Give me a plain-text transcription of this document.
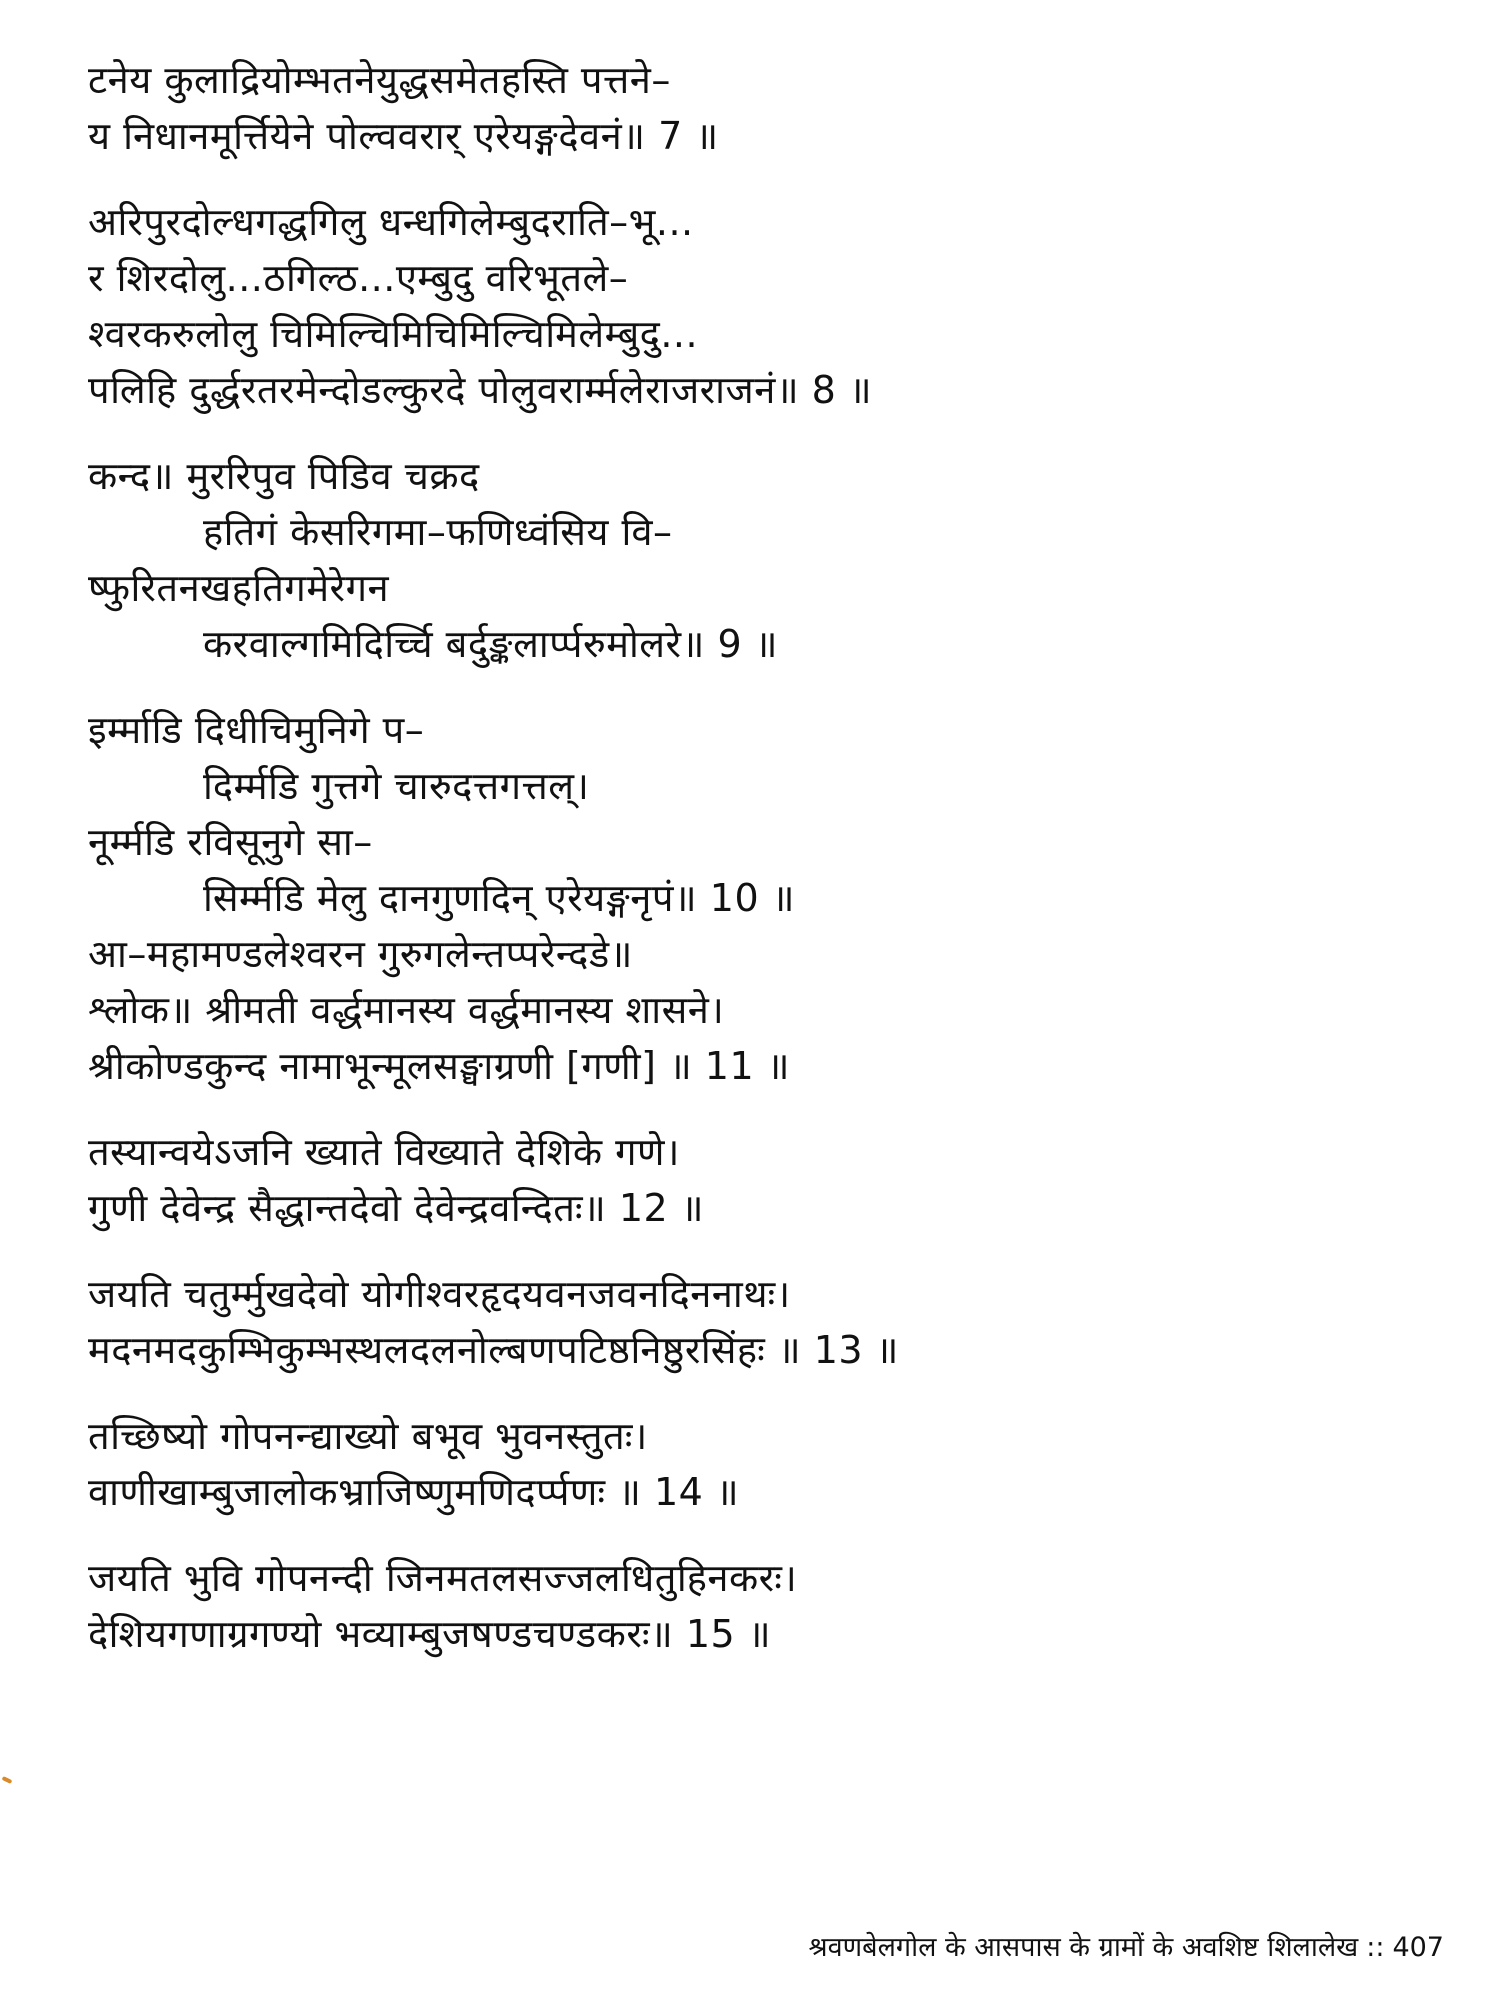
टनेय कुलाद्रियोम्भतनेयुद्धसमेतहस्ति पत्तने–
य निधानमूर्त्तियेने पोल्ववरार् एरेयङ्गदेवनं॥ 7 ॥
अरिपुरदोल्धगद्धगिलु धन्धगिलेम्बुदराति–भू...
र शिरदोलु...ठगिल्ठ...एम्बुदु वरिभूतले–
श्वरकरुलोलु चिमिल्चिमिचिमिल्चिमिलेम्बुदु...
पलिहि दुर्द्धरतरमेन्दोडल्कुरदे पोलुवरार्म्मलेराजराजनं॥ 8 ॥
कन्द॥ मुररिपुव पिडिव चक्रद
हतिगं केसरिगमा–फणिध्वंसिय वि–
ष्फुरितनखहतिगमेरेगन
करवाल्गमिदिर्च्चि बर्दुङ्कलार्प्परुमोलरे॥ 9 ॥
इर्म्माडि दिधीचिमुनिगे प–
दिर्म्मडि गुत्तगे चारुदत्तगत्तल्।
नूर्म्मडि रविसूनुगे सा–
सिर्म्मडि मेलु दानगुणदिन् एरेयङ्गनृपं॥ 10 ॥
आ–महामण्डलेश्वरन गुरुगलेन्तप्परेन्दडे॥
श्लोक॥ श्रीमती वर्द्धमानस्य वर्द्धमानस्य शासने।
श्रीकोण्डकुन्द नामाभून्मूलसङ्घाग्रणी [गणी] ॥ 11 ॥
तस्यान्वयेऽजनि ख्याते विख्याते देशिके गणे।
गुणी देवेन्द्र सैद्धान्तदेवो देवेन्द्रवन्दितः॥ 12 ॥
जयति चतुर्म्मुखदेवो योगीश्वरहृदयवनजवनदिननाथः।
मदनमदकुम्भिकुम्भस्थलदलनोल्बणपटिष्ठनिष्ठुरसिंहः ॥ 13 ॥
तच्छिष्यो गोपनन्द्याख्यो बभूव भुवनस्तुतः।
वाणीखाम्बुजालोकभ्राजिष्णुमणिदर्प्पणः ॥ 14 ॥
जयति भुवि गोपनन्दी जिनमतलसज्जलधितुहिनकरः।
देशियगणाग्रगण्यो भव्याम्बुजषण्डचण्डकरः॥ 15 ॥
श्रवणबेलगोल के आसपास के ग्रामों के अवशिष्ट शिलालेख :: 407
